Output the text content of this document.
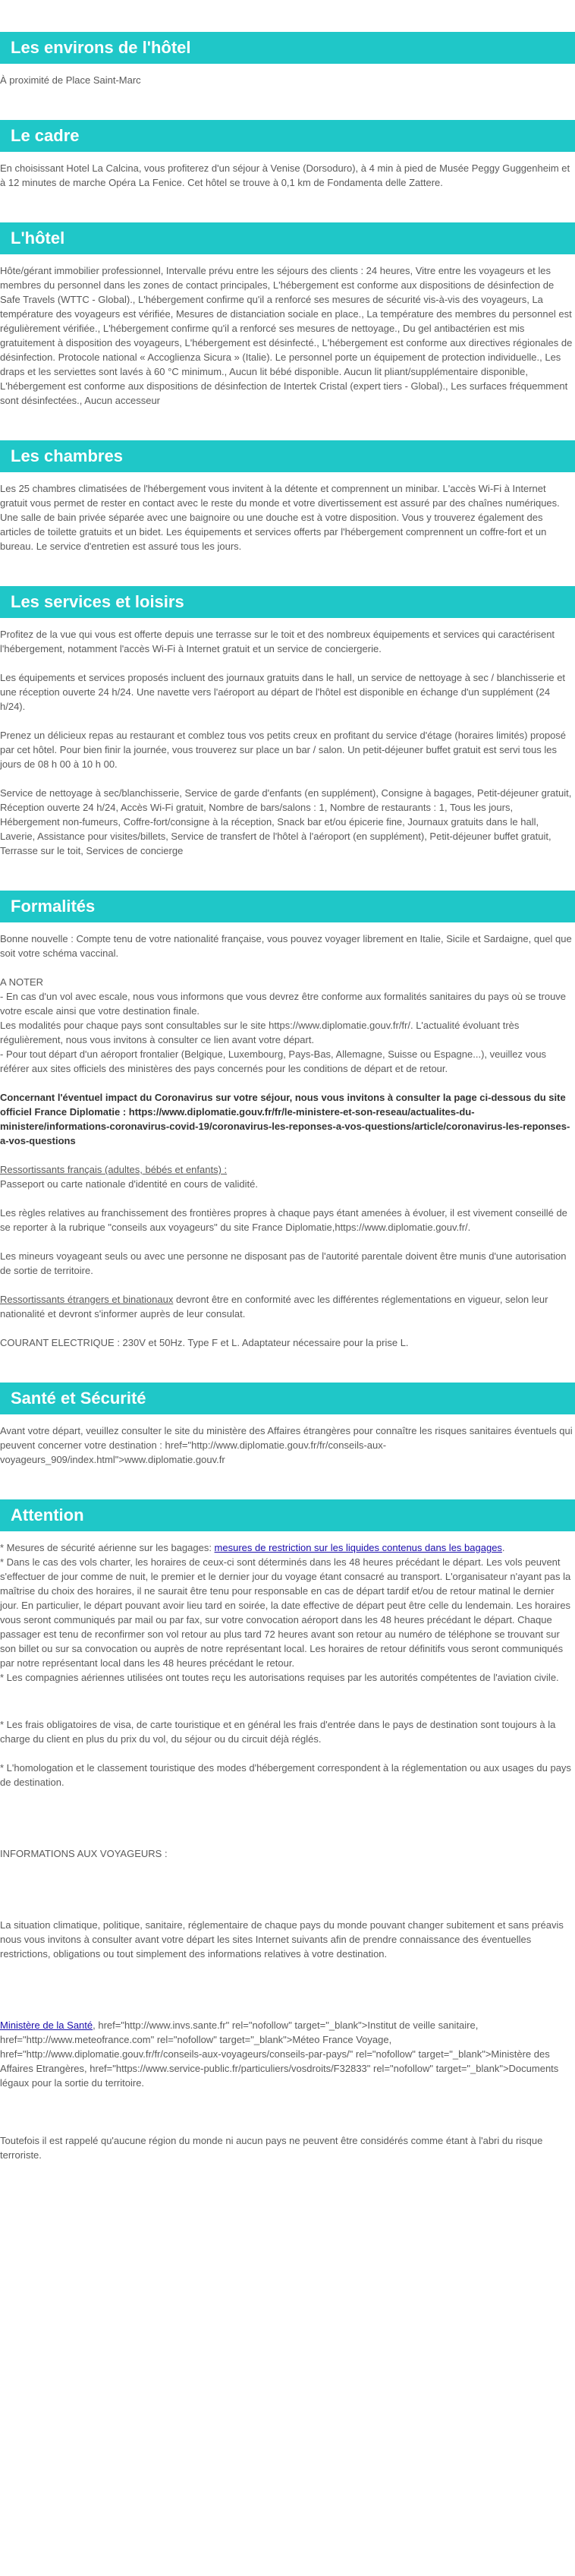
Les environs de l'hôtel

À proximité de Place Saint-Marc

Le cadre

En choisissant Hotel La Calcina, vous profiterez d'un séjour à Venise (Dorsoduro), à 4 min à pied de Musée Peggy Guggenheim et à 12 minutes de marche Opéra La Fenice. Cet hôtel se trouve à 0,1 km de Fondamenta delle Zattere.

L'hôtel

Hôte/gérant immobilier professionnel, Intervalle prévu entre les séjours des clients : 24 heures, Vitre entre les voyageurs et les membres du personnel dans les zones de contact principales, L'hébergement est conforme aux dispositions de désinfection de Safe Travels (WTTC - Global)., L'hébergement confirme qu'il a renforcé ses mesures de sécurité vis-à-vis des voyageurs, La température des voyageurs est vérifiée, Mesures de distanciation sociale en place., La température des membres du personnel est régulièrement vérifiée., L'hébergement confirme qu'il a renforcé ses mesures de nettoyage., Du gel antibactérien est mis gratuitement à disposition des voyageurs, L'hébergement est désinfecté., L'hébergement est conforme aux directives régionales de désinfection. Protocole national « Accoglienza Sicura » (Italie). Le personnel porte un équipement de protection individuelle., Les draps et les serviettes sont lavés à 60 °C minimum., Aucun lit bébé disponible. Aucun lit pliant/supplémentaire disponible, L'hébergement est conforme aux dispositions de désinfection de Intertek Cristal (expert tiers - Global)., Les surfaces fréquemment sont désinfectées., Aucun accesseur

Les chambres

Les 25 chambres climatisées de l'hébergement vous invitent à la détente et comprennent un minibar. L'accès Wi-Fi à Internet gratuit vous permet de rester en contact avec le reste du monde et votre divertissement est assuré par des chaînes numériques. Une salle de bain privée séparée avec une baignoire ou une douche est à votre disposition. Vous y trouverez également des articles de toilette gratuits et un bidet. Les équipements et services offerts par l'hébergement comprennent un coffre-fort et un bureau. Le service d'entretien est assuré tous les jours.

Les services et loisirs

Profitez de la vue qui vous est offerte depuis une terrasse sur le toit et des nombreux équipements et services qui caractérisent l'hébergement, notamment l'accès Wi-Fi à Internet gratuit et un service de conciergerie.

Les équipements et services proposés incluent des journaux gratuits dans le hall, un service de nettoyage à sec / blanchisserie et une réception ouverte 24 h/24. Une navette vers l'aéroport au départ de l'hôtel est disponible en échange d'un supplément (24 h/24).

Prenez un délicieux repas au restaurant et comblez tous vos petits creux en profitant du service d'étage (horaires limités) proposé par cet hôtel. Pour bien finir la journée, vous trouverez sur place un bar / salon. Un petit-déjeuner buffet gratuit est servi tous les jours de 08 h 00 à 10 h 00.

Service de nettoyage à sec/blanchisserie, Service de garde d'enfants (en supplément), Consigne à bagages, Petit-déjeuner gratuit, Réception ouverte 24 h/24, Accès Wi-Fi gratuit, Nombre de bars/salons : 1, Nombre de restaurants : 1, Tous les jours, Hébergement non-fumeurs, Coffre-fort/consigne à la réception, Snack bar et/ou épicerie fine, Journaux gratuits dans le hall, Laverie, Assistance pour visites/billets, Service de transfert de l'hôtel à l'aéroport (en supplément), Petit-déjeuner buffet gratuit, Terrasse sur le toit, Services de concierge

Formalités

Bonne nouvelle : Compte tenu de votre nationalité française, vous pouvez voyager librement en Italie, Sicile et Sardaigne, quel que soit votre schéma vaccinal.

A NOTER
- En cas d'un vol avec escale, nous vous informons que vous devrez être conforme aux formalités sanitaires du pays où se trouve votre escale ainsi que votre destination finale.
Les modalités pour chaque pays sont consultables sur le site https://www.diplomatie.gouv.fr/fr/. L'actualité évoluant très régulièrement, nous vous invitons à consulter ce lien avant votre départ.
- Pour tout départ d'un aéroport frontalier (Belgique, Luxembourg, Pays-Bas, Allemagne, Suisse ou Espagne...), veuillez vous référer aux sites officiels des ministères des pays concernés pour les conditions de départ et de retour.

Concernant l'éventuel impact du Coronavirus sur votre séjour, nous vous invitons à consulter la page ci-dessous du site officiel France Diplomatie : https://www.diplomatie.gouv.fr/fr/le-ministere-et-son-reseau/actualites-du-ministere/informations-coronavirus-covid-19/coronavirus-les-reponses-a-vos-questions/article/coronavirus-les-reponses-a-vos-questions

Ressortissants français (adultes, bébés et enfants) :
Passeport ou carte nationale d'identité en cours de validité.

Les règles relatives au franchissement des frontières propres à chaque pays étant amenées à évoluer, il est vivement conseillé de se reporter à la rubrique "conseils aux voyageurs" du site France Diplomatie,https://www.diplomatie.gouv.fr/.

Les mineurs voyageant seuls ou avec une personne ne disposant pas de l'autorité parentale doivent être munis d'une autorisation de sortie de territoire.

Ressortissants étrangers et binationaux devront être en conformité avec les différentes réglementations en vigueur, selon leur nationalité et devront s'informer auprès de leur consulat.

COURANT ELECTRIQUE : 230V et 50Hz. Type F et L. Adaptateur nécessaire pour la prise L.

Santé et Sécurité

Avant votre départ, veuillez consulter le site du ministère des Affaires étrangères pour connaître les risques sanitaires éventuels qui peuvent concerner votre destination : href="http://www.diplomatie.gouv.fr/fr/conseils-aux-voyageurs_909/index.html">www.diplomatie.gouv.fr

Attention

* Mesures de sécurité aérienne sur les bagages: mesures de restriction sur les liquides contenus dans les bagages.

* Dans le cas des vols charter, les horaires de ceux-ci sont déterminés dans les 48 heures précédant le départ. Les vols peuvent s'effectuer de jour comme de nuit, le premier et le dernier jour du voyage étant consacré au transport. L'organisateur n'ayant pas la maîtrise du choix des horaires, il ne saurait être tenu pour responsable en cas de départ tardif et/ou de retour matinal le dernier jour. En particulier, le départ pouvant avoir lieu tard en soirée, la date effective de départ peut être celle du lendemain. Les horaires vous seront communiqués par mail ou par fax, sur votre convocation aéroport dans les 48 heures précédant le départ. Chaque passager est tenu de reconfirmer son vol retour au plus tard 72 heures avant son retour au numéro de téléphone se trouvant sur son billet ou sur sa convocation ou auprès de notre représentant local. Les horaires de retour définitifs vous seront communiqués par notre représentant local dans les 48 heures précédant le retour.

* Les compagnies aériennes utilisées ont toutes reçu les autorisations requises par les autorités compétentes de l'aviation civile.

* Les frais obligatoires de visa, de carte touristique et en général les frais d'entrée dans le pays de destination sont toujours à la charge du client en plus du prix du vol, du séjour ou du circuit déjà réglés.

* L'homologation et le classement touristique des modes d'hébergement correspondent à la réglementation ou aux usages du pays de destination.

INFORMATIONS AUX VOYAGEURS :

La situation climatique, politique, sanitaire, réglementaire de chaque pays du monde pouvant changer subitement et sans préavis
nous vous invitons à consulter avant votre départ les sites Internet suivants afin de prendre connaissance des éventuelles restrictions, obligations ou tout simplement des informations relatives à votre destination.

Ministère de la Santé, href="http://www.invs.sante.fr" rel="nofollow" target="_blank">Institut de veille sanitaire, href="http://www.meteofrance.com" rel="nofollow" target="_blank">Méteo France Voyage, href="http://www.diplomatie.gouv.fr/fr/conseils-aux-voyageurs/conseils-par-pays/" rel="nofollow" target="_blank">Ministère des Affaires Etrangères, href="https://www.service-public.fr/particuliers/vosdroits/F32833" rel="nofollow" target="_blank">Documents légaux pour la sortie du territoire.

Toutefois il est rappelé qu'aucune région du monde ni aucun pays ne peuvent être considérés comme étant à l'abri du risque terroriste.
